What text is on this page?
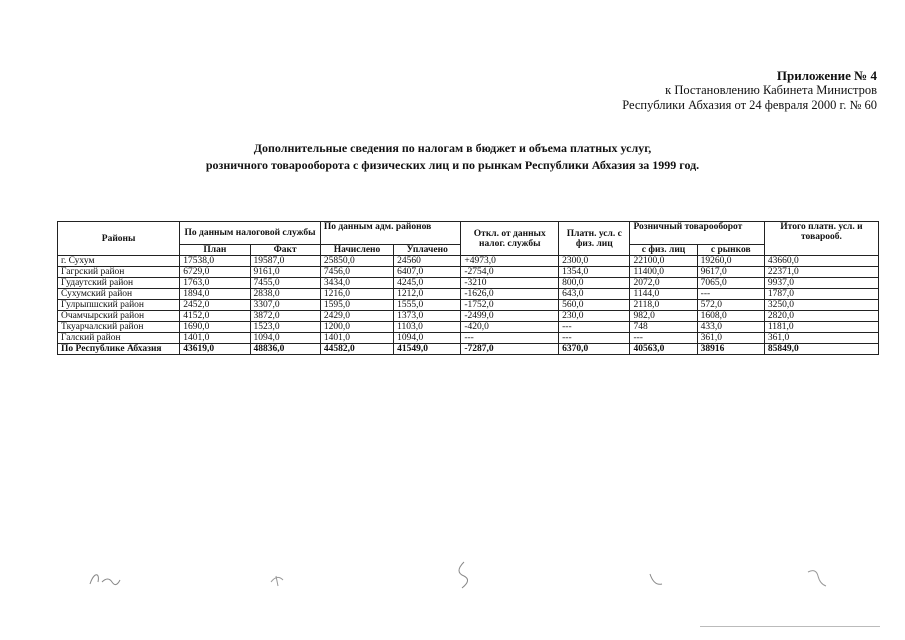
Приложение № 4
к Постановлению Кабинета Министров
Республики Абхазия от 24 февраля 2000 г. № 60
Дополнительные сведения по налогам в бюджет и объема платных услуг,
розничного товарооборота с физических лиц и по рынкам Республики Абхазия за 1999 год.
Районы	По данным налоговой службы		По данным адм. районов		Откл. от данных налог. службы	Платн. усл. с физ. лиц	Розничный товарооборот		Итого платн. усл. и товарооб.
	План	Факт	Начислено	Уплачено			с физ. лиц	с рынков	
г. Сухум	17538,0	19587,0	25850,0	24560	+4973,0	2300,0	22100,0	19260,0	43660,0
Гагрский район	6729,0	9161,0	7456,0	6407,0	-2754,0	1354,0	11400,0	9617,0	22371,0
Гудаутский район	1763,0	7455,0	3434,0	4245,0	-3210	800,0	2072,0	7065,0	9937,0
Сухумский район	1894,0	2838,0	1216,0	1212,0	-1626,0	643,0	1144,0	---	1787,0
Гулрыпшский район	2452,0	3307,0	1595,0	1555,0	-1752,0	560,0	2118,0	572,0	3250,0
Очамчырский район	4152,0	3872,0	2429,0	1373,0	-2499,0	230,0	982,0	1608,0	2820,0
Ткуарчалский район	1690,0	1523,0	1200,0	1103,0	-420,0	---	748	433,0	1181,0
Галский район	1401,0	1094,0	1401,0	1094,0	---	---	---	361,0	361,0
По Республике Абхазия	43619,0	48836,0	44582,0	41549,0	-7287,0	6370,0	40563,0	38916	85849,0
